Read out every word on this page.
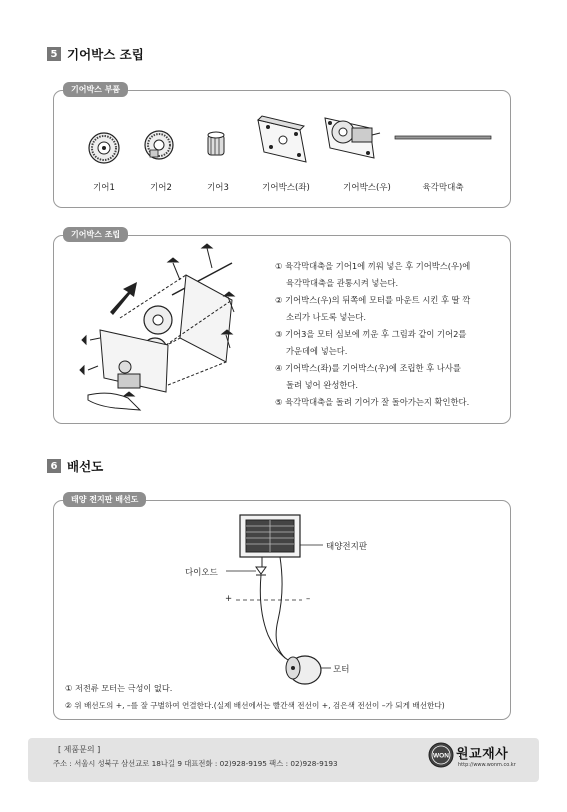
5 기어박스 조립
기어박스 부품
기어1	기어2	기어3	기어박스(좌)	기어박스(우)	육각막대축
기어박스 조립
① 육각막대축을 기어1에 끼워 넣은 후 기어박스(우)에
육각막대축을 관통시켜 넣는다.
② 기어박스(우)의 뒤쪽에 모터를 마운트 시킨 후 딸 깍
소리가 나도록 넣는다.
③ 기어3을 모터 심보에 끼운 후 그림과 같이 기어2를
가운데에 넣는다.
④ 기어박스(좌)를 기어박스(우)에 조립한 후 나사를
돌려 넣어 완성한다.
⑤ 육각막대축을 돌려 기어가 잘 돌아가는지 확인한다.
6 배선도
태양 전지판 배선도
태양전지판
다이오드
+	–
모터
① 저전류 모터는 극성이 없다.
② 위 배선도의 +, –를 잘 구별하여 연결한다.(실제 배선에서는 빨간색 전선이 +, 검은색 전선이 –가 되게 배선한다)
[ 제품문의 ]
주소 : 서울시 성북구 삼선교로 18나길 9 대표전화 : 02)928-9195 팩스 : 02)928-9193
WON 원교재사
http://www.wonm.co.kr
